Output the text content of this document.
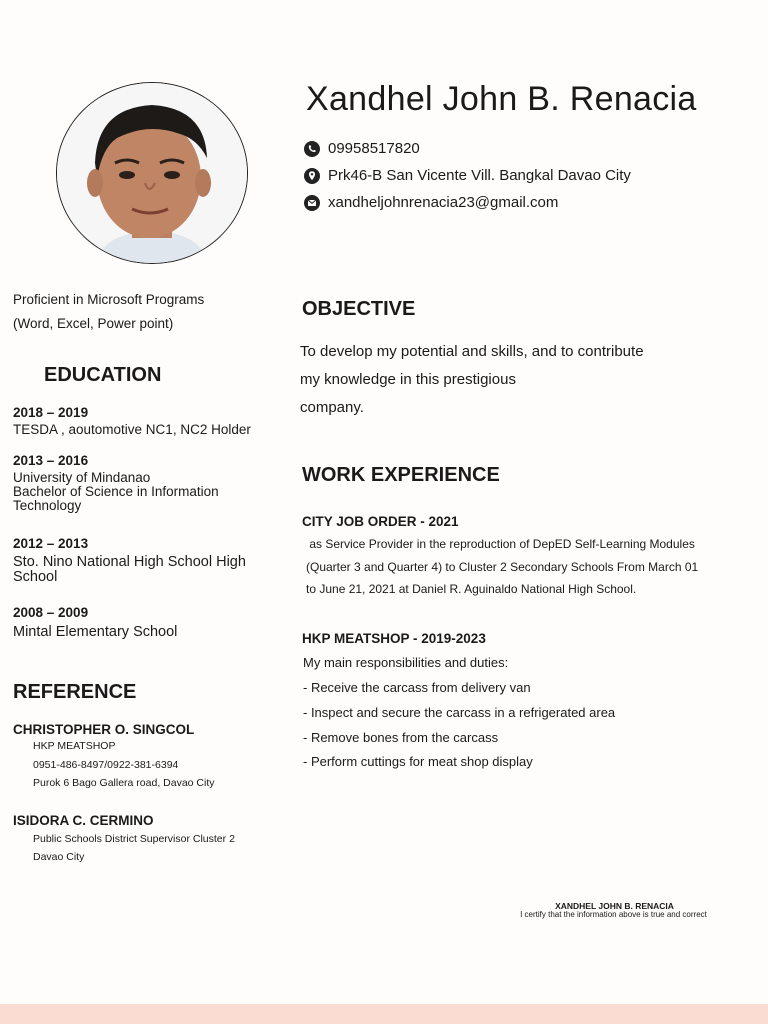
Xandhel John B. Renacia
09958517820
Prk46-B San Vicente Vill. Bangkal Davao City
xandheljohnrenacia23@gmail.com
Proficient in Microsoft Programs
(Word, Excel, Power point)
EDUCATION
2018 – 2019
TESDA , aoutomotive NC1, NC2 Holder
2013 – 2016
University of Mindanao
Bachelor of Science in Information Technology
2012 – 2013
Sto. Nino National High School High School
2008 – 2009
Mintal Elementary School
REFERENCE
CHRISTOPHER O. SINGCOL
HKP MEATSHOP
0951-486-8497/0922-381-6394
Purok 6 Bago Gallera road, Davao City
ISIDORA C. CERMINO
Public Schools District Supervisor Cluster 2
Davao City
OBJECTIVE
To develop my potential and skills, and to contribute
my knowledge in this prestigious
company.
WORK EXPERIENCE
CITY JOB ORDER - 2021
as Service Provider in the reproduction of DepED Self-Learning Modules
(Quarter 3 and Quarter 4) to Cluster 2 Secondary Schools From March 01
to June 21, 2021 at Daniel R. Aguinaldo National High School.
HKP MEATSHOP - 2019-2023
My main responsibilities and duties:
- Receive the carcass from delivery van
- Inspect and secure the carcass in a refrigerated area
- Remove bones from the carcass
- Perform cuttings for meat shop display
XANDHEL JOHN B. RENACIA
I certify that the information above is true and correct
